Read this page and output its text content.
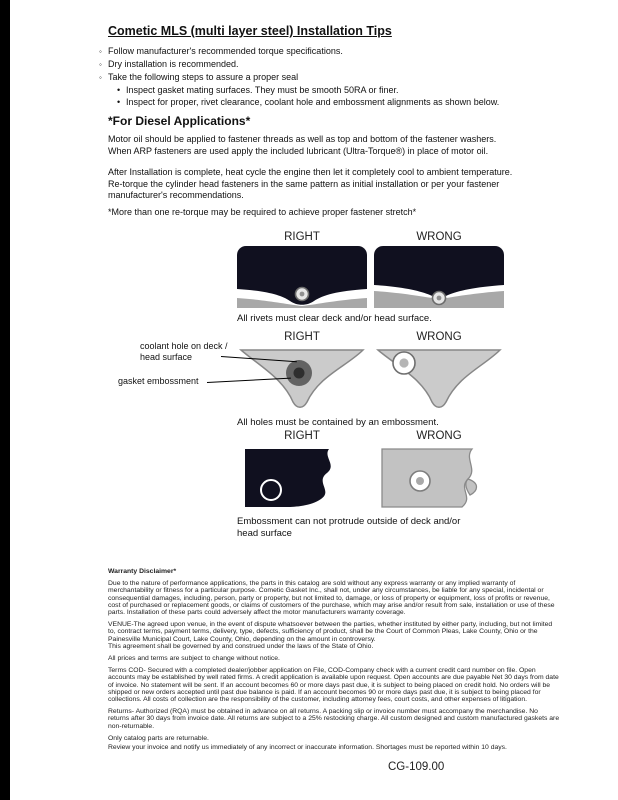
Cometic MLS (multi layer steel) Installation Tips
◦
Follow manufacturer's recommended torque specifications.
◦
Dry installation is recommended.
◦
Take the following steps to assure a proper seal
•
Inspect gasket mating surfaces. They must be smooth 50RA or finer.
•
Inspect for proper, rivet clearance, coolant hole and embossment alignments as shown below.
*For Diesel Applications*
Motor oil should be applied to fastener threads as well as top and bottom of the fastener washers. When ARP fasteners are used apply the included lubricant (Ultra-Torque®) in place of motor oil.
After Installation is complete, heat cycle the engine then let it completely cool to ambient temperature. Re-torque the cylinder head fasteners in the same pattern as initial installation or per your fastener manufacturer's recommendations.
*More than one re-torque may be required to achieve proper fastener stretch*
RIGHT	WRONG
All rivets must clear deck and/or head surface.
RIGHT	WRONG
coolant hole on deck / head surface
gasket embossment
All holes must be contained by an embossment.
RIGHT	WRONG
Embossment can not protrude outside of deck and/or head surface
Warranty Disclaimer*
Due to the nature of performance applications, the parts in this catalog are sold without any express warranty or any implied warranty of merchantability or fitness for a particular purpose. Cometic Gasket Inc., shall not, under any circumstances, be liable for any special, incidental or consequential damages, including, person, party or property, but not limited to, damage, or loss of property or equipment, loss of profits or revenue, cost of purchased or replacement goods, or claims of customers of the purchase, which may arise and/or result from sale, installation or use of these parts. Installation of these parts could adversely affect the motor manufacturers warranty coverage.
VENUE-The agreed upon venue, in the event of dispute whatsoever between the parties, whether instituted by either party, including, but not limited to, contract terms, payment terms, delivery, type, defects, sufficiency of product, shall be the Court of Common Pleas, Lake County, Ohio or the Painesville Municipal Court, Lake County, Ohio, depending on the amount in controversy.
This agreement shall be governed by and construed under the laws of the State of Ohio.
All prices and terms are subject to change without notice.
Terms COD- Secured with a completed dealer/jobber application on File, COD-Company check with a current credit card number on file. Open accounts may be established by well rated firms. A credit application is available upon request. Open accounts are due payable Net 30 days from date of invoice. No statement will be sent. If an account becomes 60 or more days past due, it is subject to being placed on credit hold. No orders will be shipped or new orders accepted until past due balance is paid. If an account becomes 90 or more days past due, it is subject to being placed for collections. All costs of collection are the responsibility of the customer, including attorney fees, court costs, and other expenses of litigation.
Returns- Authorized (RQA) must be obtained in advance on all returns. A packing slip or invoice number must accompany the merchandise. No returns after 30 days from invoice date. All returns are subject to a 25% restocking charge. All custom designed and custom manufactured gaskets are non-returnable.
Only catalog parts are returnable.
Review your invoice and notify us immediately of any incorrect or inaccurate information. Shortages must be reported within 10 days.
CG-109.00
